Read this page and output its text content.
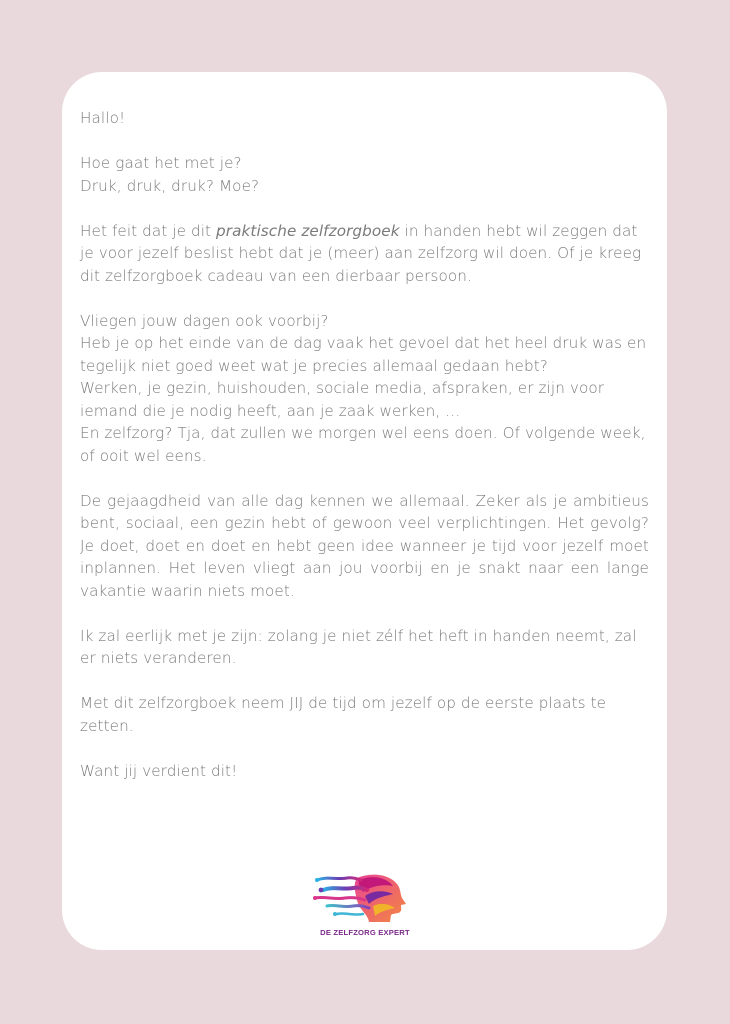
Hallo!

Hoe gaat het met je?
Druk, druk, druk? Moe?

Het feit dat je dit praktische zelfzorgboek in handen hebt wil zeggen dat je voor jezelf beslist hebt dat je (meer) aan zelfzorg wil doen. Of je kreeg dit zelfzorgboek cadeau van een dierbaar persoon.

Vliegen jouw dagen ook voorbij?
Heb je op het einde van de dag vaak het gevoel dat het heel druk was en tegelijk niet goed weet wat je precies allemaal gedaan hebt?
Werken, je gezin, huishouden, sociale media, afspraken, er zijn voor iemand die je nodig heeft, aan je zaak werken, …
En zelfzorg? Tja, dat zullen we morgen wel eens doen. Of volgende week, of ooit wel eens.

De gejaagdheid van alle dag kennen we allemaal. Zeker als je ambitieus bent, sociaal, een gezin hebt of gewoon veel verplichtingen. Het gevolg? Je doet, doet en doet en hebt geen idee wanneer je tijd voor jezelf moet inplannen. Het leven vliegt aan jou voorbij en je snakt naar een lange vakantie waarin niets moet.

Ik zal eerlijk met je zijn: zolang je niet zélf het heft in handen neemt, zal er niets veranderen.

Met dit zelfzorgboek neem JIJ de tijd om jezelf op de eerste plaats te zetten.

Want jij verdient dit!

DE ZELFZORG EXPERT
